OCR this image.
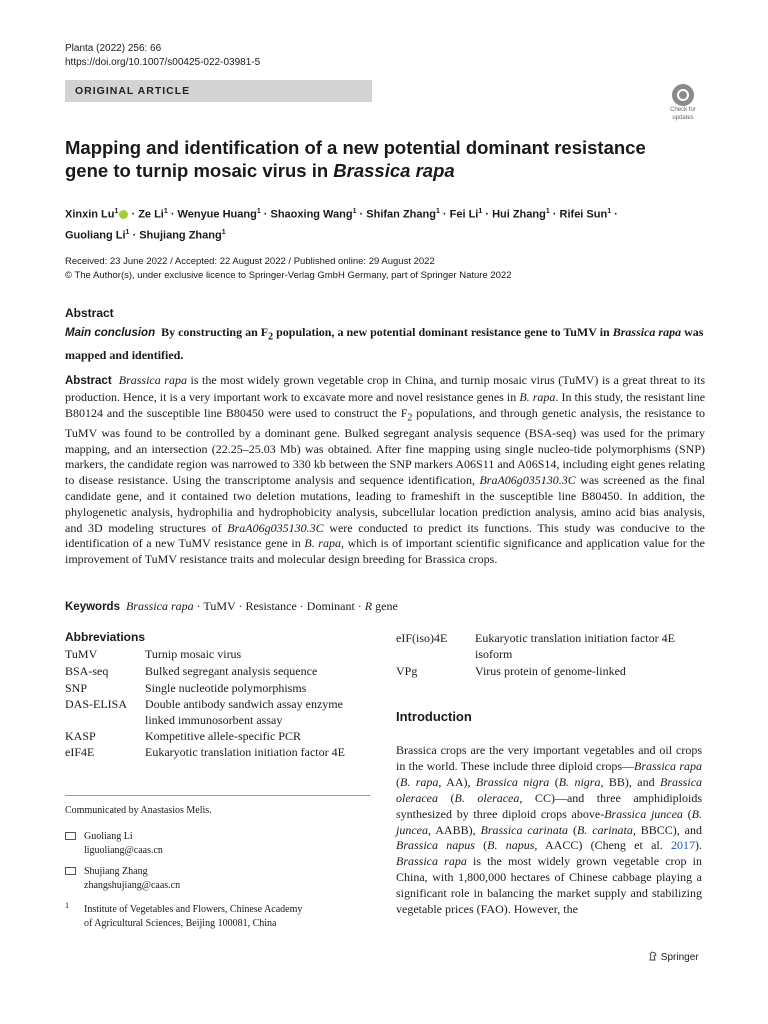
Planta (2022) 256: 66
https://doi.org/10.1007/s00425-022-03981-5
ORIGINAL ARTICLE
Check for
updates
Mapping and identification of a new potential dominant resistance
gene to turnip mosaic virus in Brassica rapa
Xinxin $Lu^1 \cdot Ze$ $Li^1$ · Wenyue Huang$^1$ · Shaoxing Wang$^1$ · Shifan Zhang$^1$ · Fei $Li^1$ · Hui Zhang$^1$ · Rifei Sun$^1$ ·
Guoliang $Li^1$ · Shujiang Zhang$^1$
Received: 23 June 2022 / Accepted: 22 August 2022 / Published online: 29 August 2022
© The Author(s), under exclusive licence to Springer-Verlag GmbH Germany, part of Springer Nature 2022
Abstract
Main conclusion By constructing an $F_2$ population, a new potential dominant resistance gene to TuMV in Brassica rapa was mapped and identified.
Abstract Brassica rapa is the most widely grown vegetable crop in China, and turnip mosaic virus (TuMV) is a great threat to its production. Hence, it is a very important work to excavate more and novel resistance genes in B. rapa. In this study, the resistant line B80124 and the susceptible line B80450 were used to construct the $F_2$ populations, and through genetic analysis, the resistance to TuMV was found to be controlled by a dominant gene. Bulked segregant analysis sequence (BSA-seq) was used for the primary mapping, and an intersection (22.25–25.03 Mb) was obtained. After fine mapping using single nucleo-tide polymorphisms (SNP) markers, the candidate region was narrowed to 330 kb between the SNP markers A06S11 and A06S14, including eight genes relating to disease resistance. Using the transcriptome analysis and sequence identification, BraA06g035130.3C was screened as the final candidate gene, and it contained two deletion mutations, leading to frameshift in the susceptible line B80450. In addition, the phylogenetic analysis, hydrophilia and hydrophobicity analysis, subcellular location prediction analysis, amino acid bias analysis, and 3D modeling structures of BraA06g035130.3C were conducted to predict its functions. This study was conducive to the identification of a new TuMV resistance gene in B. rapa, which is of important scientific significance and application value for the improvement of TuMV resistance traits and molecular design breeding for Brassica crops.
Keywords Brassica rapa · TuMV · Resistance · Dominant · R gene
Abbreviations
TuMV	Turnip mosaic virus
BSA-seq	Bulked segregant analysis sequence
SNP	Single nucleotide polymorphisms
DAS-ELISA Double antibody sandwich assay enzyme
linked immunosorbent assay
KASP	Kompetitive allele-specific PCR
eIF4E	Eukaryotic translation initiation factor 4E
eIF(iso)4E Eukaryotic translation initiation factor 4E
isoform
VPg	Virus protein of genome-linked
Communicated by Anastasios Melis.
Guoliang Li
liguoliang@caas.cn
Shujiang Zhang
zhangshujiang@caas.cn
1 Institute of Vegetables and Flowers, Chinese Academy
of Agricultural Sciences, Beijing 100081, China
Introduction
Brassica crops are the very important vegetables and oil crops in the world. These include three diploid crops—Brassica rapa (B. rapa, AA), Brassica nigra (B. nigra, BB), and Brassica oleracea (B. oleracea, CC)—and three amphidiploids synthesized by three diploid crops above-Brassica juncea (B. juncea, AABB), Brassica carinata (B. carinata, BBCC), and Brassica napus (B. napus, AACC) (Cheng et al. 2017). Brassica rapa is the most widely grown vegetable crop in China, with 1,800,000 hectares of Chinese cabbage playing a significant role in balancing the market supply and stabilizing vegetable prices (FAO). However, the
Springer
